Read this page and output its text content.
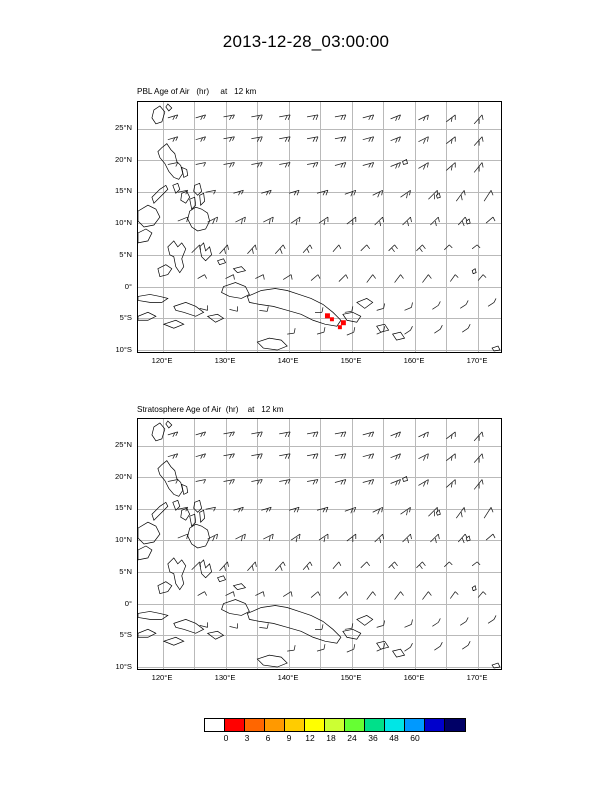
2013-12-28_03:00:00

PBL Age of Air   (hr)     at   12 km

120°E	130°E	140°E	150°E	160°E	170°E
25°N
20°N
15°N
10°N
5°N
0°
5°S
10°S

Stratosphere Age of Air  (hr)    at   12 km

120°E	130°E	140°E	150°E	160°E	170°E
25°N
20°N
15°N
10°N
5°N
0°
5°S
10°S
0 3 6 9 12 18 24 36 48 60
